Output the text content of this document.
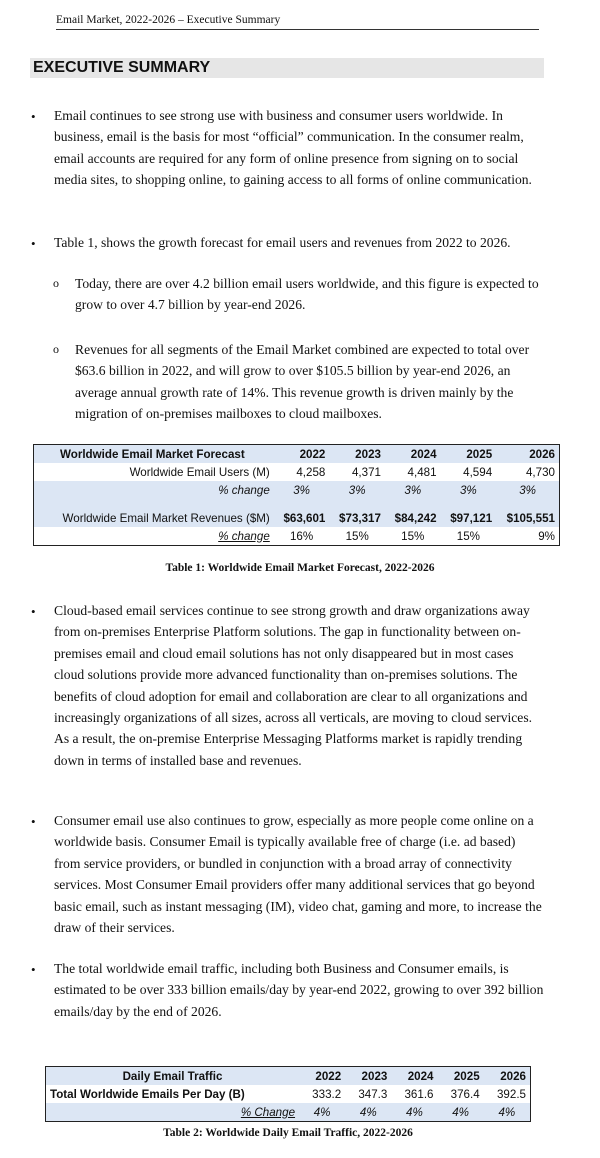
Email Market, 2022-2026 – Executive Summary
EXECUTIVE SUMMARY
• Email continues to see strong use with business and consumer users worldwide. In business, email is the basis for most “official” communication. In the consumer realm, email accounts are required for any form of online presence from signing on to social media sites, to shopping online, to gaining access to all forms of online communication.

• Table 1, shows the growth forecast for email users and revenues from 2022 to 2026.

o Today, there are over 4.2 billion email users worldwide, and this figure is expected to grow to over 4.7 billion by year-end 2026.

o Revenues for all segments of the Email Market combined are expected to total over $63.6 billion in 2022, and will grow to over $105.5 billion by year-end 2026, an average annual growth rate of 14%. This revenue growth is driven mainly by the migration of on-premises mailboxes to cloud mailboxes.

Worldwide Email Market Forecast	2022	2023	2024	2025	2026
Worldwide Email Users (M)	4,258	4,371	4,481	4,594	4,730
% change	3%	3%	3%	3%	3%

Worldwide Email Market Revenues ($M)	$63,601	$73,317	$84,242	$97,121	$105,551
% change	16%	15%	15%	15%	9%
Table 1: Worldwide Email Market Forecast, 2022-2026
• Cloud-based email services continue to see strong growth and draw organizations away from on-premises Enterprise Platform solutions. The gap in functionality between on-premises email and cloud email solutions has not only disappeared but in most cases cloud solutions provide more advanced functionality than on-premises solutions. The benefits of cloud adoption for email and collaboration are clear to all organizations and increasingly organizations of all sizes, across all verticals, are moving to cloud services. As a result, the on-premise Enterprise Messaging Platforms market is rapidly trending down in terms of installed base and revenues.

• Consumer email use also continues to grow, especially as more people come online on a worldwide basis. Consumer Email is typically available free of charge (i.e. ad based) from service providers, or bundled in conjunction with a broad array of connectivity services. Most Consumer Email providers offer many additional services that go beyond basic email, such as instant messaging (IM), video chat, gaming and more, to increase the draw of their services.

• The total worldwide email traffic, including both Business and Consumer emails, is estimated to be over 333 billion emails/day by year-end 2022, growing to over 392 billion emails/day by the end of 2026.

Daily Email Traffic	2022	2023	2024	2025	2026
Total Worldwide Emails Per Day (B)	333.2	347.3	361.6	376.4	392.5
% Change	4%	4%	4%	4%	4%
Table 2: Worldwide Daily Email Traffic, 2022-2026
